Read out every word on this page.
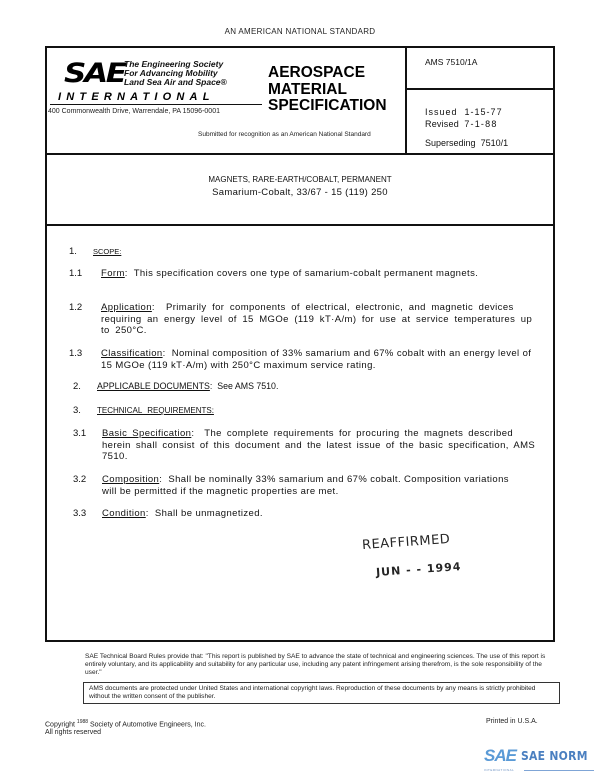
AN AMERICAN NATIONAL STANDARD
SAE The Engineering Society
For Advancing Mobility
Land Sea Air and Space®
INTERNATIONAL
400 Commonwealth Drive, Warrendale, PA 15096-0001
AEROSPACE
MATERIAL
SPECIFICATION
Submitted for recognition as an American National Standard
AMS 7510/1A
Issued 1-15-77
Revised 7-1-88
Superseding 7510/1
MAGNETS, RARE-EARTH/COBALT, PERMANENT
Samarium-Cobalt, 33/67 - 15 (119) 250
1. SCOPE:
1.1 Form:  This specification covers one type of samarium-cobalt permanent magnets.
1.2 Application:  Primarily for components of electrical, electronic, and magnetic devices requiring an energy level of 15 MGOe (119 kT·A/m) for use at service temperatures up to 250°C.
1.3 Classification:  Nominal composition of 33% samarium and 67% cobalt with an energy level of 15 MGOe (119 kT·A/m) with 250°C maximum service rating.
2. APPLICABLE DOCUMENTS:  See AMS 7510.
3. TECHNICAL REQUIREMENTS:
3.1 Basic Specification:  The complete requirements for procuring the magnets described herein shall consist of this document and the latest issue of the basic specification, AMS 7510.
3.2 Composition:  Shall be nominally 33% samarium and 67% cobalt. Composition variations will be permitted if the magnetic properties are met.
3.3 Condition:  Shall be unmagnetized.
REAFFIRMED
JUN - - 1994
SAE Technical Board Rules provide that: "This report is published by SAE to advance the state of technical and engineering sciences. The use of this report is entirely voluntary, and its applicability and suitability for any particular use, including any patent infringement arising therefrom, is the sole responsibility of the user."
AMS documents are protected under United States and international copyright laws. Reproduction of these documents by any means is strictly prohibited without the written consent of the publisher.
Copyright $^{1988}$ Society of Automotive Engineers, Inc.
All rights reserved
Printed in U.S.A.
SAE SAE NORM
INTERNATIONAL
